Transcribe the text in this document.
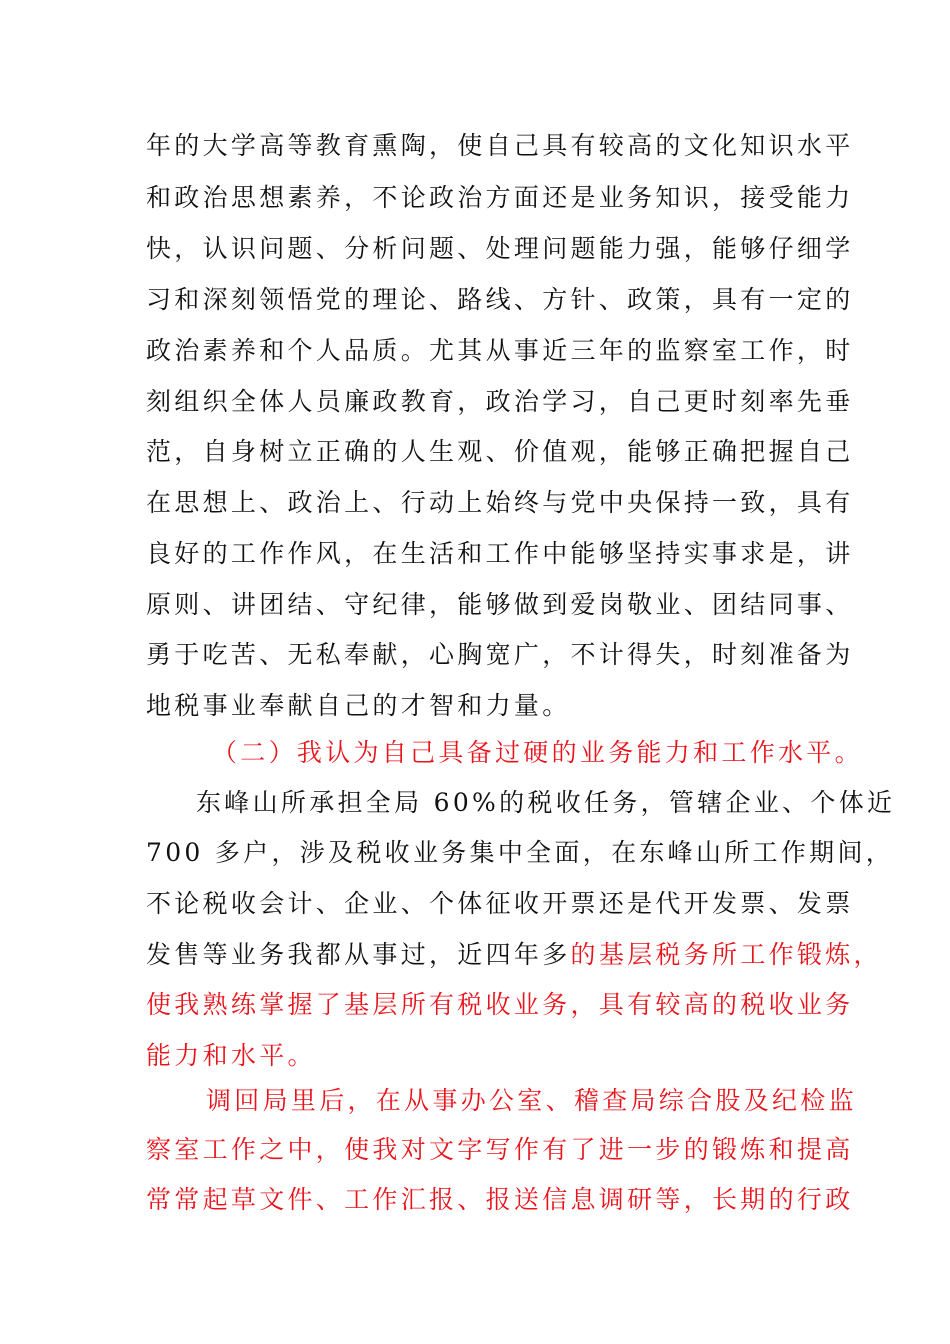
年的大学高等教育熏陶，使自己具有较高的文化知识水平
和政治思想素养，不论政治方面还是业务知识，接受能力
快，认识问题、分析问题、处理问题能力强，能够仔细学
习和深刻领悟党的理论、路线、方针、政策，具有一定的
政治素养和个人品质。尤其从事近三年的监察室工作，时
刻组织全体人员廉政教育，政治学习，自己更时刻率先垂
范，自身树立正确的人生观、价值观，能够正确把握自己
在思想上、政治上、行动上始终与党中央保持一致，具有
良好的工作作风，在生活和工作中能够坚持实事求是，讲
原则、讲团结、守纪律，能够做到爱岗敬业、团结同事、
勇于吃苦、无私奉献，心胸宽广，不计得失，时刻准备为
地税事业奉献自己的才智和力量。
（二）我认为自己具备过硬的业务能力和工作水平。
东峰山所承担全局 60%的税收任务，管辖企业、个体近
700 多户，涉及税收业务集中全面，在东峰山所工作期间，
不论税收会计、企业、个体征收开票还是代开发票、发票
发售等业务我都从事过，近四年多的基层税务所工作锻炼，
使我熟练掌握了基层所有税收业务，具有较高的税收业务
能力和水平。
调回局里后，在从事办公室、稽查局综合股及纪检监
察室工作之中，使我对文字写作有了进一步的锻炼和提高
常常起草文件、工作汇报、报送信息调研等，长期的行政
